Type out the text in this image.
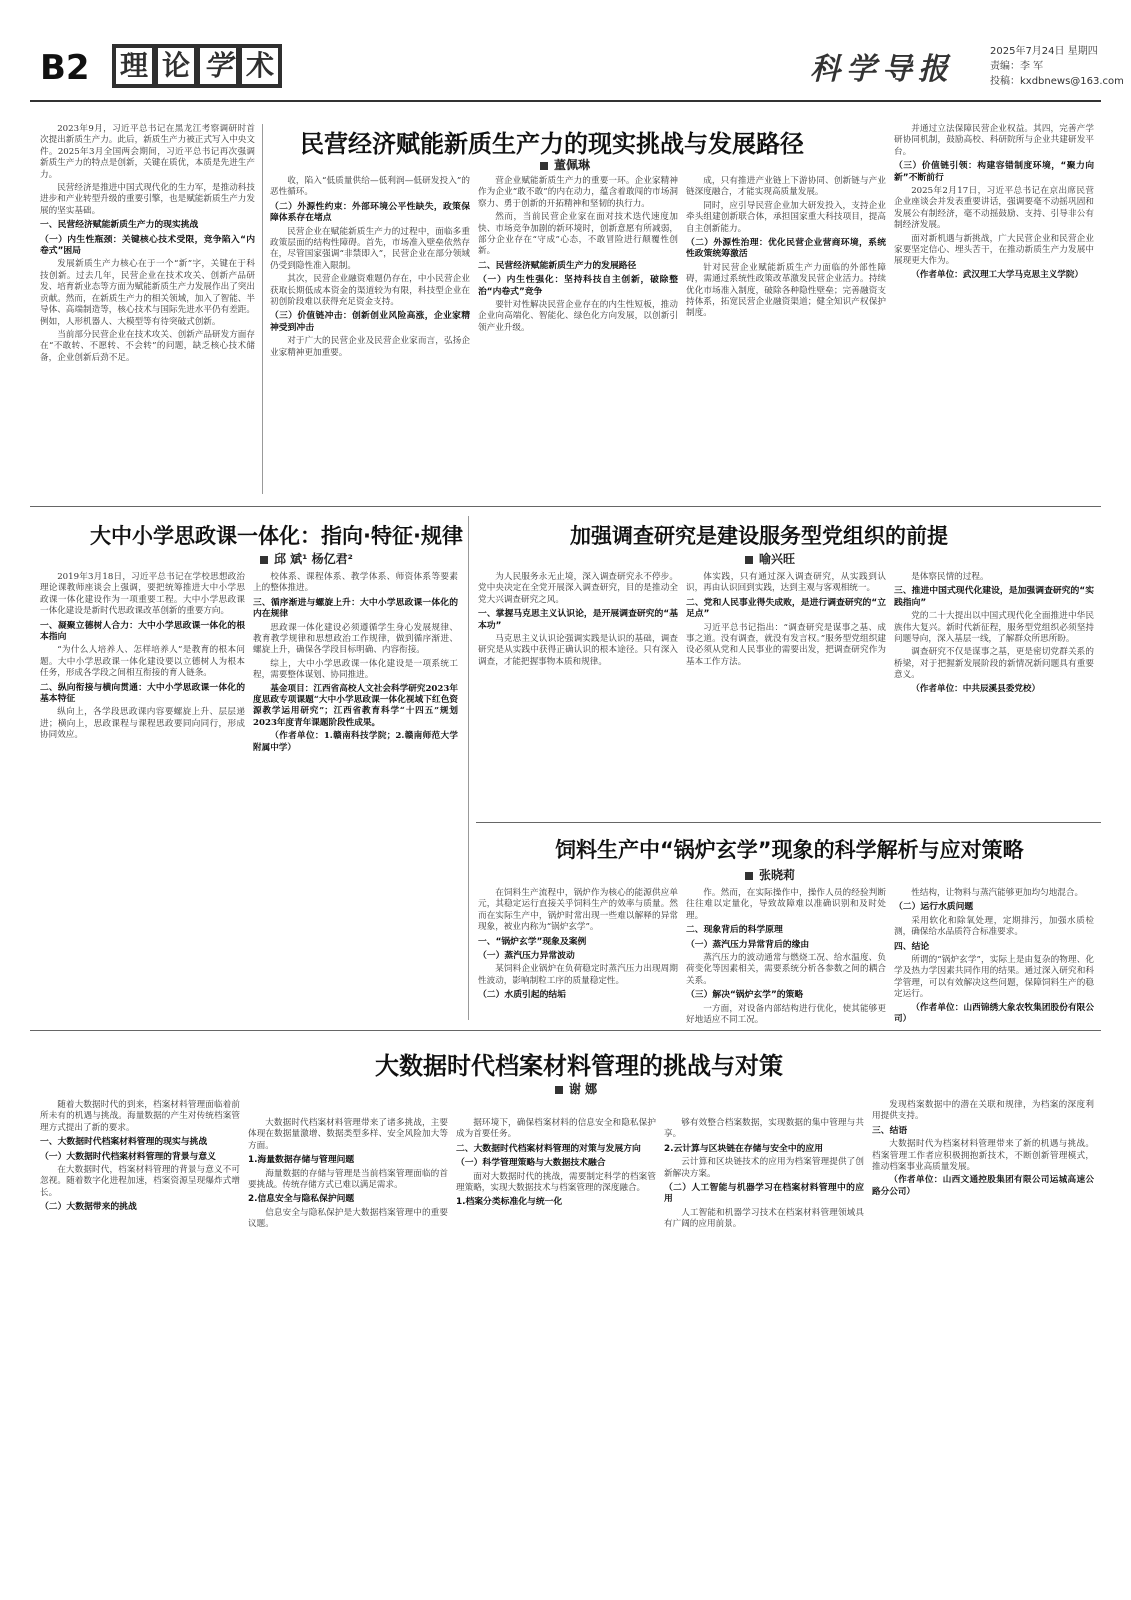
B2 理 论 学 术	科学导报
2025年7月24日 星期四
责编：李 军
投稿：kxdbnews@163.com

2023年9月，习近平总书记在黑龙江考察调研时首次提出新质生产力。此后，新质生产力被正式写入中央文件。2025年3月全国两会期间，习近平总书记再次强调新质生产力的特点是创新，关键在质优，本质是先进生产力。

民营经济是推进中国式现代化的生力军，是推动科技进步和产业转型升级的重要引擎，也是赋能新质生产力发展的坚实基础。

一、民营经济赋能新质生产力的现实挑战
（一）内生性瓶颈：关键核心技术受限，竞争陷入“内卷式”困局

发展新质生产力核心在于一个“新”字，关键在于科技创新。过去几年，民营企业在技术攻关、创新产品研发、培育新业态等方面为赋能新质生产力发展作出了突出贡献。然而，在新质生产力的相关领域，加入了智能、半导体、高端制造等，核心技术与国际先进水平仍有差距。例如，人形机器人、大模型等有待突破式创新。

当前部分民营企业在技术攻关、创新产品研发方面存在“不敢转、不愿转、不会转”的问题，缺乏核心技术储备，企业创新后劲不足。

民营经济赋能新质生产力的现实挑战与发展路径
董佩琳

收，陷入“低质量供给—低利润—低研发投入”的恶性循环。

（二）外源性约束：外部环境公平性缺失，政策保障体系存在堵点

民营企业在赋能新质生产力的过程中，面临多重政策层面的结构性障碍。首先，市场准入壁垒依然存在，尽管国家强调“非禁即入”，民营企业在部分领域仍受到隐性准入限制。

其次，民营企业融资难题仍存在，中小民营企业获取长期低成本资金的渠道较为有限，科技型企业在初创阶段难以获得充足资金支持。

（三）价值链冲击：创新创业风险高涨，企业家精神受到冲击

对于广大的民营企业及民营企业家而言，弘扬企业家精神更加重要。

营企业赋能新质生产力的重要一环。企业家精神作为企业“敢不敢”的内在动力，蕴含着敢闯的市场洞察力、勇于创新的开拓精神和坚韧的执行力。

然而，当前民营企业家在面对技术迭代速度加快、市场竞争加剧的新环境时，创新意愿有所减弱，部分企业存在“守成”心态，不敢冒险进行颠覆性创新。

二、民营经济赋能新质生产力的发展路径
（一）内生性强化：坚持科技自主创新，破除整治“内卷式”竞争

要针对性解决民营企业存在的内生性短板，推动企业向高端化、智能化、绿色化方向发展，以创新引领产业升级。

成，只有推进产业链上下游协同、创新链与产业链深度融合，才能实现高质量发展。

同时，应引导民营企业加大研发投入，支持企业牵头组建创新联合体，承担国家重大科技项目，提高自主创新能力。

（二）外源性治理：优化民营企业营商环境，系统性政策统筹激活

针对民营企业赋能新质生产力面临的外部性障碍，需通过系统性政策改革激发民营企业活力。持续优化市场准入制度，破除各种隐性壁垒；完善融资支持体系，拓宽民营企业融资渠道；健全知识产权保护制度。

并通过立法保障民营企业权益。其四，完善产学研协同机制，鼓励高校、科研院所与企业共建研发平台。

（三）价值链引领：构建容错制度环境，“聚力向新”不断前行

2025年2月17日，习近平总书记在京出席民营企业座谈会并发表重要讲话，强调要毫不动摇巩固和发展公有制经济，毫不动摇鼓励、支持、引导非公有制经济发展。

面对新机遇与新挑战，广大民营企业和民营企业家要坚定信心、埋头苦干，在推动新质生产力发展中展现更大作为。

（作者单位：武汉理工大学马克思主义学院）

大中小学思政课一体化：指向·特征·规律
邱 斌¹ 杨亿君²

2019年3月18日，习近平总书记在学校思想政治理论课教师座谈会上强调，要把统筹推进大中小学思政课一体化建设作为一项重要工程。大中小学思政课一体化建设是新时代思政课改革创新的重要方向。

一、凝聚立德树人合力：大中小学思政课一体化的根本指向

“为什么人培养人、怎样培养人”是教育的根本问题。大中小学思政课一体化建设要以立德树人为根本任务，形成各学段之间相互衔接的育人链条。

二、纵向衔接与横向贯通：大中小学思政课一体化的基本特征

纵向上，各学段思政课内容要螺旋上升、层层递进；横向上，思政课程与课程思政要同向同行，形成协同效应。

校体系、课程体系、教学体系、师资体系等要素上的整体推进。

三、循序渐进与螺旋上升：大中小学思政课一体化的内在规律

思政课一体化建设必须遵循学生身心发展规律、教育教学规律和思想政治工作规律，做到循序渐进、螺旋上升，确保各学段目标明确、内容衔接。

综上，大中小学思政课一体化建设是一项系统工程，需要整体谋划、协同推进。

基金项目：江西省高校人文社会科学研究2023年度思政专项课题“大中小学思政课一体化视域下红色资源教学运用研究”；江西省教育科学“十四五”规划2023年度青年课题阶段性成果。

（作者单位：1.赣南科技学院；2.赣南师范大学附属中学）

加强调查研究是建设服务型党组织的前提
喻兴旺

为人民服务永无止境，深入调查研究永不停步。党中央决定在全党开展深入调查研究，目的是推动全党大兴调查研究之风。

一、掌握马克思主义认识论，是开展调查研究的“基本功”

马克思主义认识论强调实践是认识的基础，调查研究是从实践中获得正确认识的根本途径。只有深入调查，才能把握事物本质和规律。

体实践，只有通过深入调查研究，从实践到认识，再由认识回到实践，达到主观与客观相统一。

二、党和人民事业得失成败，是进行调查研究的“立足点”

习近平总书记指出：“调查研究是谋事之基、成事之道。没有调查，就没有发言权。”服务型党组织建设必须从党和人民事业的需要出发，把调查研究作为基本工作方法。

是体察民情的过程。

三、推进中国式现代化建设，是加强调查研究的“实践指向”

党的二十大提出以中国式现代化全面推进中华民族伟大复兴。新时代新征程，服务型党组织必须坚持问题导向，深入基层一线，了解群众所思所盼。

调查研究不仅是谋事之基，更是密切党群关系的桥梁，对于把握新发展阶段的新情况新问题具有重要意义。

（作者单位：中共辰溪县委党校）

饲料生产中“锅炉玄学”现象的科学解析与应对策略
张晓莉

在饲料生产流程中，锅炉作为核心的能源供应单元，其稳定运行直接关乎饲料生产的效率与质量。然而在实际生产中，锅炉时常出现一些难以解释的异常现象，被业内称为“锅炉玄学”。

一、“锅炉玄学”现象及案例
（一）蒸汽压力异常波动

某饲料企业锅炉在负荷稳定时蒸汽压力出现周期性波动，影响制粒工序的质量稳定性。

（二）水质引起的结垢

作。然而，在实际操作中，操作人员的经验判断往往难以定量化，导致故障难以准确识别和及时处理。

二、现象背后的科学原理
（一）蒸汽压力异常背后的缘由

蒸汽压力的波动通常与燃烧工况、给水温度、负荷变化等因素相关，需要系统分析各参数之间的耦合关系。

（三）解决“锅炉玄学”的策略

一方面，对设备内部结构进行优化，使其能够更好地适应不同工况。

性结构，让物料与蒸汽能够更加均匀地混合。

（二）运行水质问题

采用软化和除氧处理，定期排污，加强水质检测，确保给水品质符合标准要求。

四、结论

所谓的“锅炉玄学”，实际上是由复杂的物理、化学及热力学因素共同作用的结果。通过深入研究和科学管理，可以有效解决这些问题，保障饲料生产的稳定运行。

（作者单位：山西锦绣大象农牧集团股份有限公司）

大数据时代档案材料管理的挑战与对策
谢 娜

随着大数据时代的到来，档案材料管理面临着前所未有的机遇与挑战。海量数据的产生对传统档案管理方式提出了新的要求。

一、大数据时代档案材料管理的现实与挑战
（一）大数据时代档案材料管理的背景与意义

在大数据时代，档案材料管理的背景与意义不可忽视。随着数字化进程加速，档案资源呈现爆炸式增长。

（二）大数据带来的挑战

大数据时代档案材料管理带来了诸多挑战，主要体现在数据量激增、数据类型多样、安全风险加大等方面。

1.海量数据存储与管理问题

海量数据的存储与管理是当前档案管理面临的首要挑战。传统存储方式已难以满足需求。

2.信息安全与隐私保护问题

信息安全与隐私保护是大数据档案管理中的重要议题。

据环境下，确保档案材料的信息安全和隐私保护成为首要任务。

二、大数据时代档案材料管理的对策与发展方向
（一）科学管理策略与大数据技术融合

面对大数据时代的挑战，需要制定科学的档案管理策略，实现大数据技术与档案管理的深度融合。

1.档案分类标准化与统一化

够有效整合档案数据，实现数据的集中管理与共享。

2.云计算与区块链在存储与安全中的应用

云计算和区块链技术的应用为档案管理提供了创新解决方案。

（二）人工智能与机器学习在档案材料管理中的应用

人工智能和机器学习技术在档案材料管理领域具有广阔的应用前景。

发现档案数据中的潜在关联和规律，为档案的深度利用提供支持。

三、结语

大数据时代为档案材料管理带来了新的机遇与挑战。档案管理工作者应积极拥抱新技术，不断创新管理模式，推动档案事业高质量发展。

（作者单位：山西文通控股集团有限公司运城高速公路分公司）
